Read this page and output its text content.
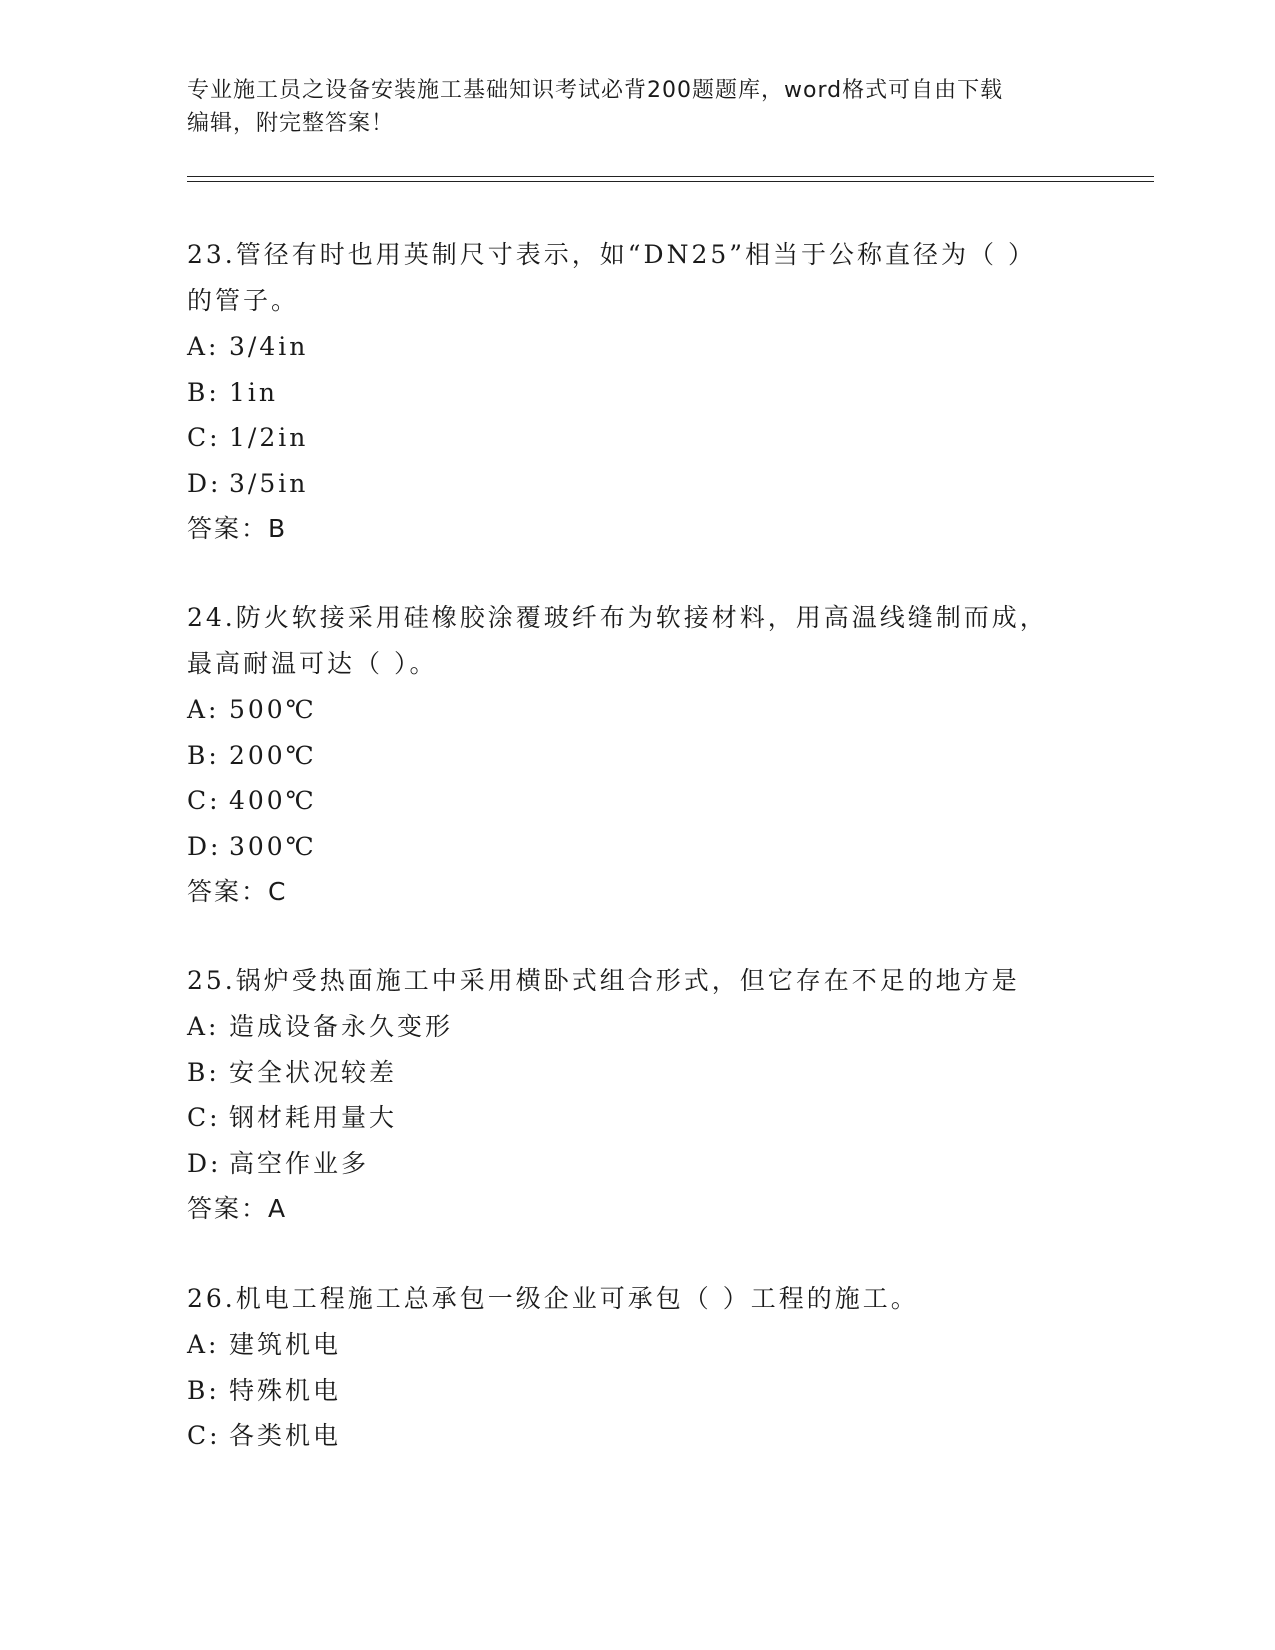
专业施工员之设备安装施工基础知识考试必背200题题库，word格式可自由下载
编辑，附完整答案！

23.管径有时也用英制尺寸表示，如“DN25”相当于公称直径为（ ）

的管子。

A: 3/4in

B: 1in

C: 1/2in

D: 3/5in

答案：B

24.防火软接采用硅橡胶涂覆玻纤布为软接材料，用高温线缝制而成，

最高耐温可达（ ）。

A: 500℃

B: 200℃

C: 400℃

D: 300℃

答案：C

25.锅炉受热面施工中采用横卧式组合形式，但它存在不足的地方是

A: 造成设备永久变形

B: 安全状况较差

C: 钢材耗用量大

D: 高空作业多

答案：A

26.机电工程施工总承包一级企业可承包（ ）工程的施工。

A: 建筑机电

B: 特殊机电

C: 各类机电
